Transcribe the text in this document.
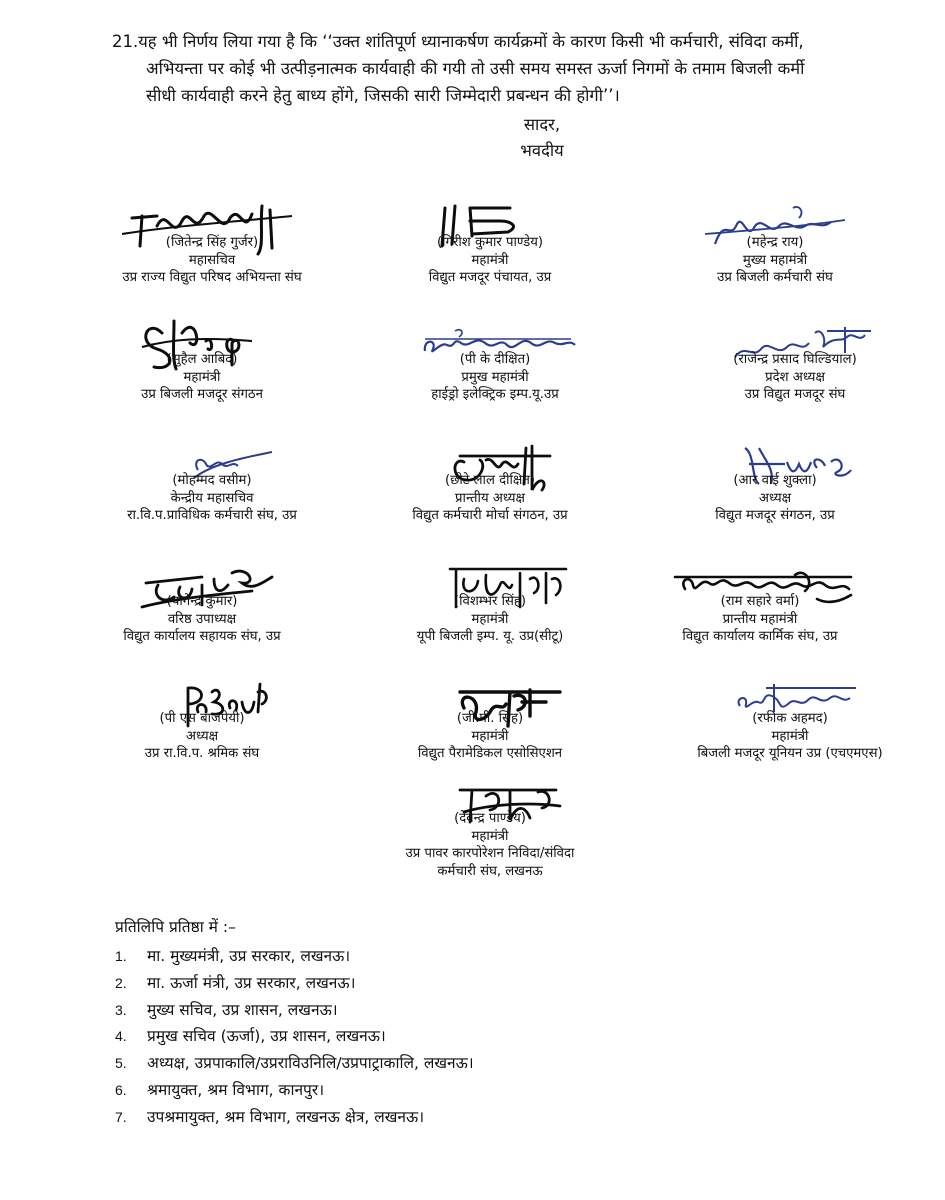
21.यह भी निर्णय लिया गया है कि ‘‘उक्त शांतिपूर्ण ध्यानाकर्षण कार्यक्रमों के कारण किसी भी कर्मचारी, संविदा कर्मी,
अभियन्ता पर कोई भी उत्पीड़नात्मक कार्यवाही की गयी तो उसी समय समस्त ऊर्जा निगमों के तमाम बिजली कर्मी
सीधी कार्यवाही करने हेतु बाध्य होंगे, जिसकी सारी जिम्मेदारी प्रबन्धन की होगी’’।
सादर,
भवदीय
(जितेन्द्र सिंह गुर्जर)
महासचिव
उप्र राज्य विद्युत परिषद अभियन्ता संघ
(गिरीश कुमार पाण्डेय)
महामंत्री
विद्युत मजदूर पंचायत, उप्र
(महेन्द्र राय)
मुख्य महामंत्री
उप्र बिजली कर्मचारी संघ
(सुहैल आबिद)
महामंत्री
उप्र बिजली मजदूर संगठन
(पी के दीक्षित)
प्रमुख महामंत्री
हाईड्रो इलेक्ट्रिक इम्प.यू.उप्र
(राजेन्द्र प्रसाद घिल्डियाल)
प्रदेश अध्यक्ष
उप्र विद्युत मजदूर संघ
(मोहम्मद वसीम)
केन्द्रीय महासचिव
रा.वि.प.प्राविधिक कर्मचारी संघ, उप्र
(छोटे लाल दीक्षित)
प्रान्तीय अध्यक्ष
विद्युत कर्मचारी मोर्चा संगठन, उप्र
(आर वाई शुक्ला)
अध्यक्ष
विद्युत मजदूर संगठन, उप्र
(योगेन्द्र कुमार)
वरिष्ठ उपाध्यक्ष
विद्युत कार्यालय सहायक संघ, उप्र
(विशम्भर सिंह)
महामंत्री
यूपी बिजली इम्प. यू. उप्र(सीटू)
(राम सहारे वर्मा)
प्रान्तीय महामंत्री
विद्युत कार्यालय कार्मिक संघ, उप्र
(पी एस बाजपेयी)
अध्यक्ष
उप्र रा.वि.प. श्रमिक संघ
(जी.पी. सिंह)
महामंत्री
विद्युत पैरामेडिकल एसोसिएशन
(रफीक अहमद)
महामंत्री
बिजली मजदूर यूनियन उप्र (एचएमएस)
(देवेन्द्र पाण्डेय)
महामंत्री
उप्र पावर कारपोरेशन निविदा/संविदा
कर्मचारी संघ, लखनऊ
प्रतिलिपि प्रतिष्ठा में :–
1. मा. मुख्यमंत्री, उप्र सरकार, लखनऊ।
2. मा. ऊर्जा मंत्री, उप्र सरकार, लखनऊ।
3. मुख्य सचिव, उप्र शासन, लखनऊ।
4. प्रमुख सचिव (ऊर्जा), उप्र शासन, लखनऊ।
5. अध्यक्ष, उप्रपाकालि/उप्रराविउनिलि/उप्रपाट्राकालि, लखनऊ।
6. श्रमायुक्त, श्रम विभाग, कानपुर।
7. उपश्रमायुक्त, श्रम विभाग, लखनऊ क्षेत्र, लखनऊ।
